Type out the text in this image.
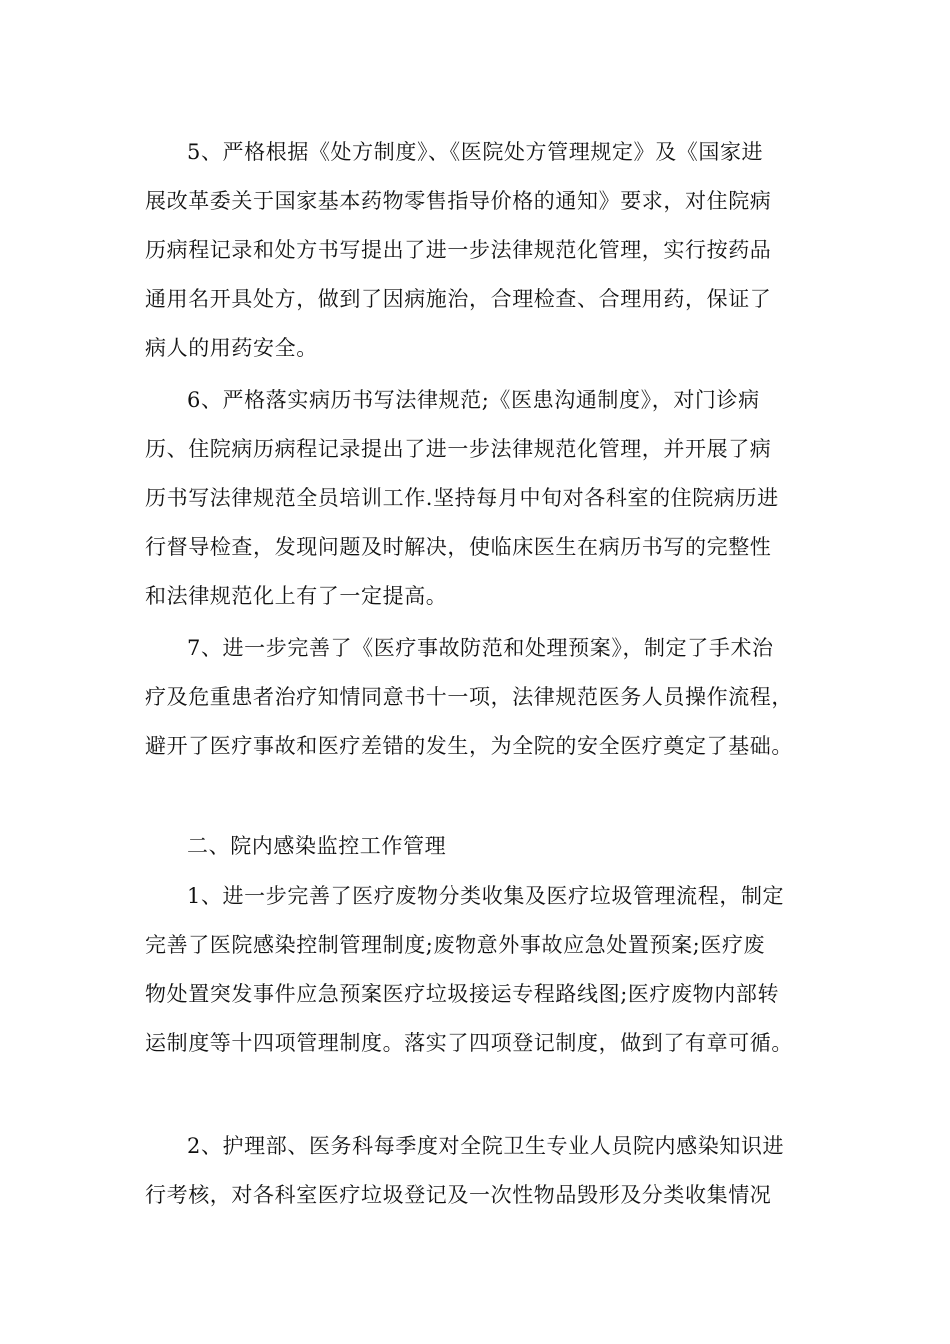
5、严格根据《处方制度》、《医院处方管理规定》及《国家进
展改革委关于国家基本药物零售指导价格的通知》要求，对住院病
历病程记录和处方书写提出了进一步法律规范化管理，实行按药品
通用名开具处方，做到了因病施治，合理检查、合理用药，保证了
病人的用药安全。
6、严格落实病历书写法律规范;《医患沟通制度》，对门诊病
历、住院病历病程记录提出了进一步法律规范化管理，并开展了病
历书写法律规范全员培训工作.坚持每月中旬对各科室的住院病历进
行督导检查，发现问题及时解决，使临床医生在病历书写的完整性
和法律规范化上有了一定提高。
7、进一步完善了《医疗事故防范和处理预案》，制定了手术治
疗及危重患者治疗知情同意书十一项，法律规范医务人员操作流程，
避开了医疗事故和医疗差错的发生，为全院的安全医疗奠定了基础。
二、院内感染监控工作管理
1、进一步完善了医疗废物分类收集及医疗垃圾管理流程，制定
完善了医院感染控制管理制度;废物意外事故应急处置预案;医疗废
物处置突发事件应急预案医疗垃圾接运专程路线图;医疗废物内部转
运制度等十四项管理制度。落实了四项登记制度，做到了有章可循。
2、护理部、医务科每季度对全院卫生专业人员院内感染知识进
行考核，对各科室医疗垃圾登记及一次性物品毁形及分类收集情况
